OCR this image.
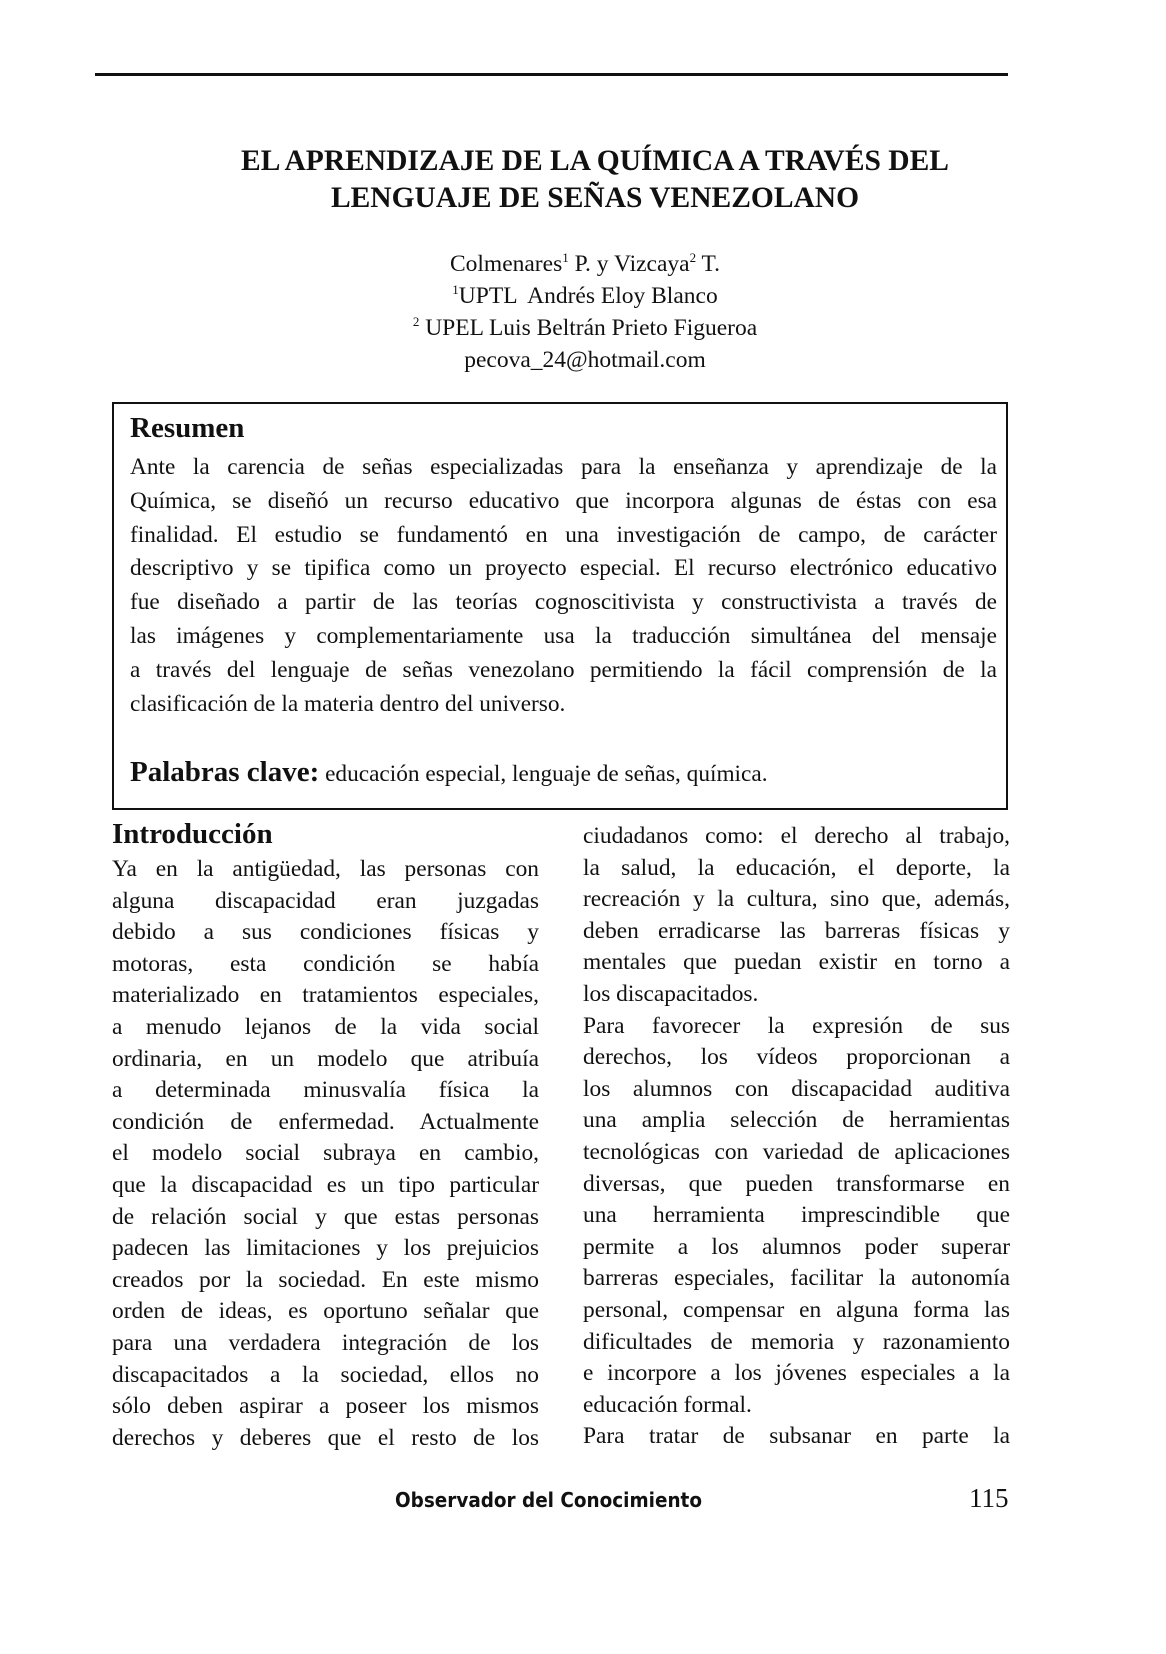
EL APRENDIZAJE DE LA QUÍMICA A TRAVÉS DEL
LENGUAJE DE SEÑAS VENEZOLANO
Colmenares$^1$ P. y Vizcaya$^2$ T.
$^1$UPTL  Andrés Eloy Blanco
$^2$ UPEL Luis Beltrán Prieto Figueroa
pecova_24@hotmail.com
Resumen
Ante la carencia de señas especializadas para la enseñanza y aprendizaje de la
Química, se diseñó un recurso educativo que incorpora algunas de éstas con esa
finalidad. El estudio se fundamentó en una investigación de campo, de carácter
descriptivo y se tipifica como un proyecto especial. El recurso electrónico educativo
fue diseñado a partir de las teorías cognoscitivista y constructivista a través de
las imágenes y complementariamente usa la traducción simultánea del mensaje
a través del lenguaje de señas venezolano permitiendo la fácil comprensión de la
clasificación de la materia dentro del universo.
Palabras clave: educación especial, lenguaje de señas, química.
Introducción
Ya en la antigüedad, las personas con
alguna discapacidad eran juzgadas
debido a sus condiciones físicas y
motoras, esta condición se había
materializado en tratamientos especiales,
a menudo lejanos de la vida social
ordinaria, en un modelo que atribuía
a determinada minusvalía física la
condición de enfermedad. Actualmente
el modelo social subraya en cambio,
que la discapacidad es un tipo particular
de relación social y que estas personas
padecen las limitaciones y los prejuicios
creados por la sociedad. En este mismo
orden de ideas, es oportuno señalar que
para una verdadera integración de los
discapacitados a la sociedad, ellos no
sólo deben aspirar a poseer los mismos
derechos y deberes que el resto de los
ciudadanos como: el derecho al trabajo,
la salud, la educación, el deporte, la
recreación y la cultura, sino que, además,
deben erradicarse las barreras físicas y
mentales que puedan existir en torno a
los discapacitados.
Para favorecer la expresión de sus
derechos, los vídeos proporcionan a
los alumnos con discapacidad auditiva
una amplia selección de herramientas
tecnológicas con variedad de aplicaciones
diversas, que pueden transformarse en
una herramienta imprescindible que
permite a los alumnos poder superar
barreras especiales, facilitar la autonomía
personal, compensar en alguna forma las
dificultades de memoria y razonamiento
e incorpore a los jóvenes especiales a la
educación formal.
Para tratar de subsanar en parte la
Observador del Conocimiento	115
